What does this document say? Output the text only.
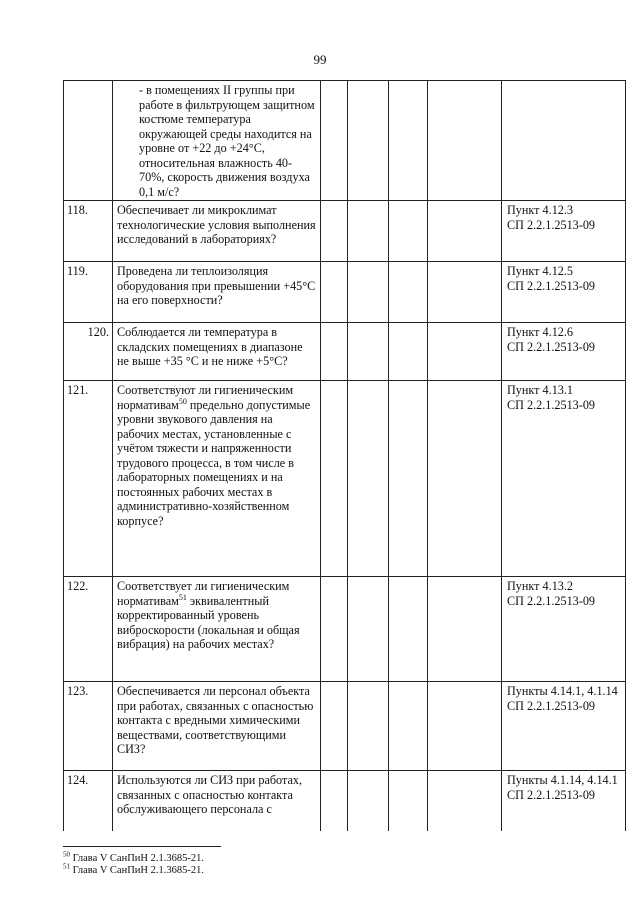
99
	- в помещениях II группы при работе в фильтрующем защитном костюме температура окружающей среды находится на уровне от +22 до +24°С, относительная влажность 40-70%, скорость движения воздуха 0,1 м/с?					
118.	Обеспечивает ли микроклимат технологические условия выполнения исследований в лабораториях?					Пункт 4.12.3
СП 2.2.1.2513-09

119.	Проведена ли теплоизоляция оборудования при превышении +45°С на его поверхности?					Пункт 4.12.5
СП 2.2.1.2513-09

120.	Соблюдается ли температура в складских помещениях в диапазоне не выше +35 °С и не ниже +5°С?					Пункт 4.12.6
СП 2.2.1.2513-09

121.	Соответствуют ли гигиеническим нормативам$^{50}$ предельно допустимые уровни звукового давления на рабочих местах, установленные с учётом тяжести и напряженности трудового процесса, в том числе в лабораторных помещениях и на постоянных рабочих местах в административно-хозяйственном корпусе?					Пункт 4.13.1
СП 2.2.1.2513-09

122.	Соответствует ли гигиеническим нормативам$^{51}$ эквивалентный корректированный уровень виброскорости (локальная и общая вибрация) на рабочих местах?					Пункт 4.13.2
СП 2.2.1.2513-09

123.	Обеспечивается ли персонал объекта при работах, связанных с опасностью контакта с вредными химическими веществами, соответствующими СИЗ?					Пункты 4.14.1, 4.1.14
СП 2.2.1.2513-09

124.	Используются ли СИЗ при работах, связанных с опасностью контакта обслуживающего персонала с					Пункты 4.1.14, 4.14.1
СП 2.2.1.2513-09
$^{50}$ Глава V СанПиН 2.1.3685-21.
$^{51}$ Глава V СанПиН 2.1.3685-21.
